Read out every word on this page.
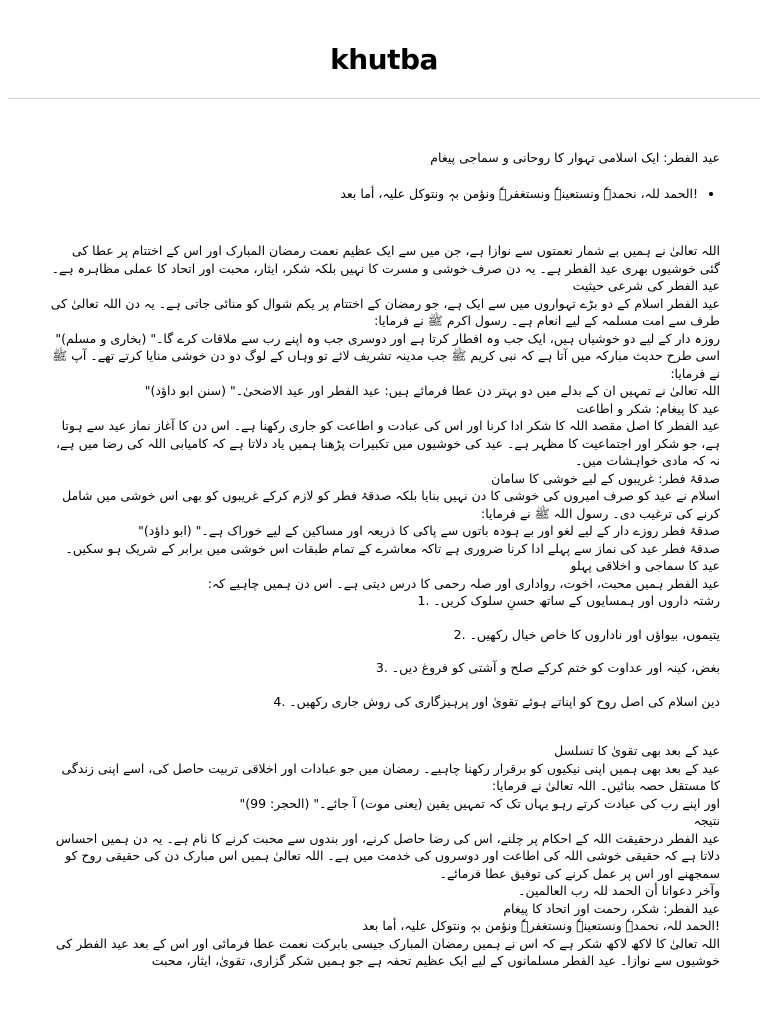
khutba

عید الفطر: ایک اسلامی تہوار کا روحانی و سماجی پیغام

• !الحمد للہ، نحمدہٗ ونستعینہٗ ونستغفرہٗ ونؤمن بہٖ ونتوکل علیہ، أما بعد

اللہ تعالیٰ نے ہمیں بے شمار نعمتوں سے نوازا ہے، جن میں سے ایک عظیم نعمت رمضان المبارک اور اس کے اختتام پر عطا کی گئی خوشیوں بھری عید الفطر ہے۔ یہ دن صرف خوشی و مسرت کا نہیں بلکہ شکر، ایثار، محبت اور اتحاد کا عملی مظاہرہ ہے۔

عید الفطر کی شرعی حیثیت

عید الفطر اسلام کے دو بڑے تہواروں میں سے ایک ہے، جو رمضان کے اختتام پر یکم شوال کو منائی جاتی ہے۔ یہ دن اللہ تعالیٰ کی طرف سے امت مسلمہ کے لیے انعام ہے۔ رسول اکرم ﷺ نے فرمایا:

روزہ دار کے لیے دو خوشیاں ہیں، ایک جب وہ افطار کرتا ہے اور دوسری جب وہ اپنے رب سے ملاقات کرے گا۔" (بخاری و مسلم)"

اسی طرح حدیث مبارکہ میں آتا ہے کہ نبی کریم ﷺ جب مدینہ تشریف لائے تو وہاں کے لوگ دو دن خوشی منایا کرتے تھے۔ آپ ﷺ نے فرمایا:

اللہ تعالیٰ نے تمہیں ان کے بدلے میں دو بہتر دن عطا فرمائے ہیں: عید الفطر اور عید الاضحیٰ۔" (سنن ابو داؤد)"

عید کا پیغام: شکر و اطاعت

عید الفطر کا اصل مقصد اللہ کا شکر ادا کرنا اور اس کی عبادت و اطاعت کو جاری رکھنا ہے۔ اس دن کا آغاز نماز عید سے ہوتا ہے، جو شکر اور اجتماعیت کا مظہر ہے۔ عید کی خوشیوں میں تکبیرات پڑھنا ہمیں یاد دلاتا ہے کہ کامیابی اللہ کی رضا میں ہے، نہ کہ مادی خواہشات میں۔

صدقۂ فطر: غریبوں کے لیے خوشی کا سامان

اسلام نے عید کو صرف امیروں کی خوشی کا دن نہیں بنایا بلکہ صدقۂ فطر کو لازم کرکے غریبوں کو بھی اس خوشی میں شامل کرنے کی ترغیب دی۔ رسول اللہ ﷺ نے فرمایا:

صدقۂ فطر روزے دار کے لیے لغو اور بے ہودہ باتوں سے پاکی کا ذریعہ اور مساکین کے لیے خوراک ہے۔" (ابو داؤد)"

صدقۂ فطر عید کی نماز سے پہلے ادا کرنا ضروری ہے تاکہ معاشرے کے تمام طبقات اس خوشی میں برابر کے شریک ہو سکیں۔

عید کا سماجی و اخلاقی پہلو

عید الفطر ہمیں محبت، اخوت، رواداری اور صلہ رحمی کا درس دیتی ہے۔ اس دن ہمیں چاہیے کہ:

رشتہ داروں اور ہمسایوں کے ساتھ حسنِ سلوک کریں۔ .1

یتیموں، بیواؤں اور ناداروں کا خاص خیال رکھیں۔ .2

بغض، کینہ اور عداوت کو ختم کرکے صلح و آشتی کو فروغ دیں۔ .3

دین اسلام کی اصل روح کو اپناتے ہوئے تقویٰ اور پرہیزگاری کی روش جاری رکھیں۔ .4

عید کے بعد بھی تقویٰ کا تسلسل

عید کے بعد بھی ہمیں اپنی نیکیوں کو برقرار رکھنا چاہیے۔ رمضان میں جو عبادات اور اخلاقی تربیت حاصل کی، اسے اپنی زندگی کا مستقل حصہ بنائیں۔ اللہ تعالیٰ نے فرمایا:

اور اپنے رب کی عبادت کرتے رہو یہاں تک کہ تمہیں یقین (یعنی موت) آ جائے۔" (الحجر: 99)"

نتیجہ

عید الفطر درحقیقت اللہ کے احکام پر چلنے، اس کی رضا حاصل کرنے، اور بندوں سے محبت کرنے کا نام ہے۔ یہ دن ہمیں احساس دلاتا ہے کہ حقیقی خوشی اللہ کی اطاعت اور دوسروں کی خدمت میں ہے۔ اللہ تعالیٰ ہمیں اس مبارک دن کی حقیقی روح کو سمجھنے اور اس پر عمل کرنے کی توفیق عطا فرمائے۔

وآخر دعوانا أن الحمد للہ رب العالمین۔

عید الفطر: شکر، رحمت اور اتحاد کا پیغام

!الحمد للہ، نحمدہٗ ونستعینہٗ ونستغفرہٗ ونؤمن بہٖ ونتوکل علیہ، أما بعد

اللہ تعالیٰ کا لاکھ لاکھ شکر ہے کہ اس نے ہمیں رمضان المبارک جیسی بابرکت نعمت عطا فرمائی اور اس کے بعد عید الفطر کی خوشیوں سے نوازا۔ عید الفطر مسلمانوں کے لیے ایک عظیم تحفہ ہے جو ہمیں شکر گزاری، تقویٰ، ایثار، محبت
